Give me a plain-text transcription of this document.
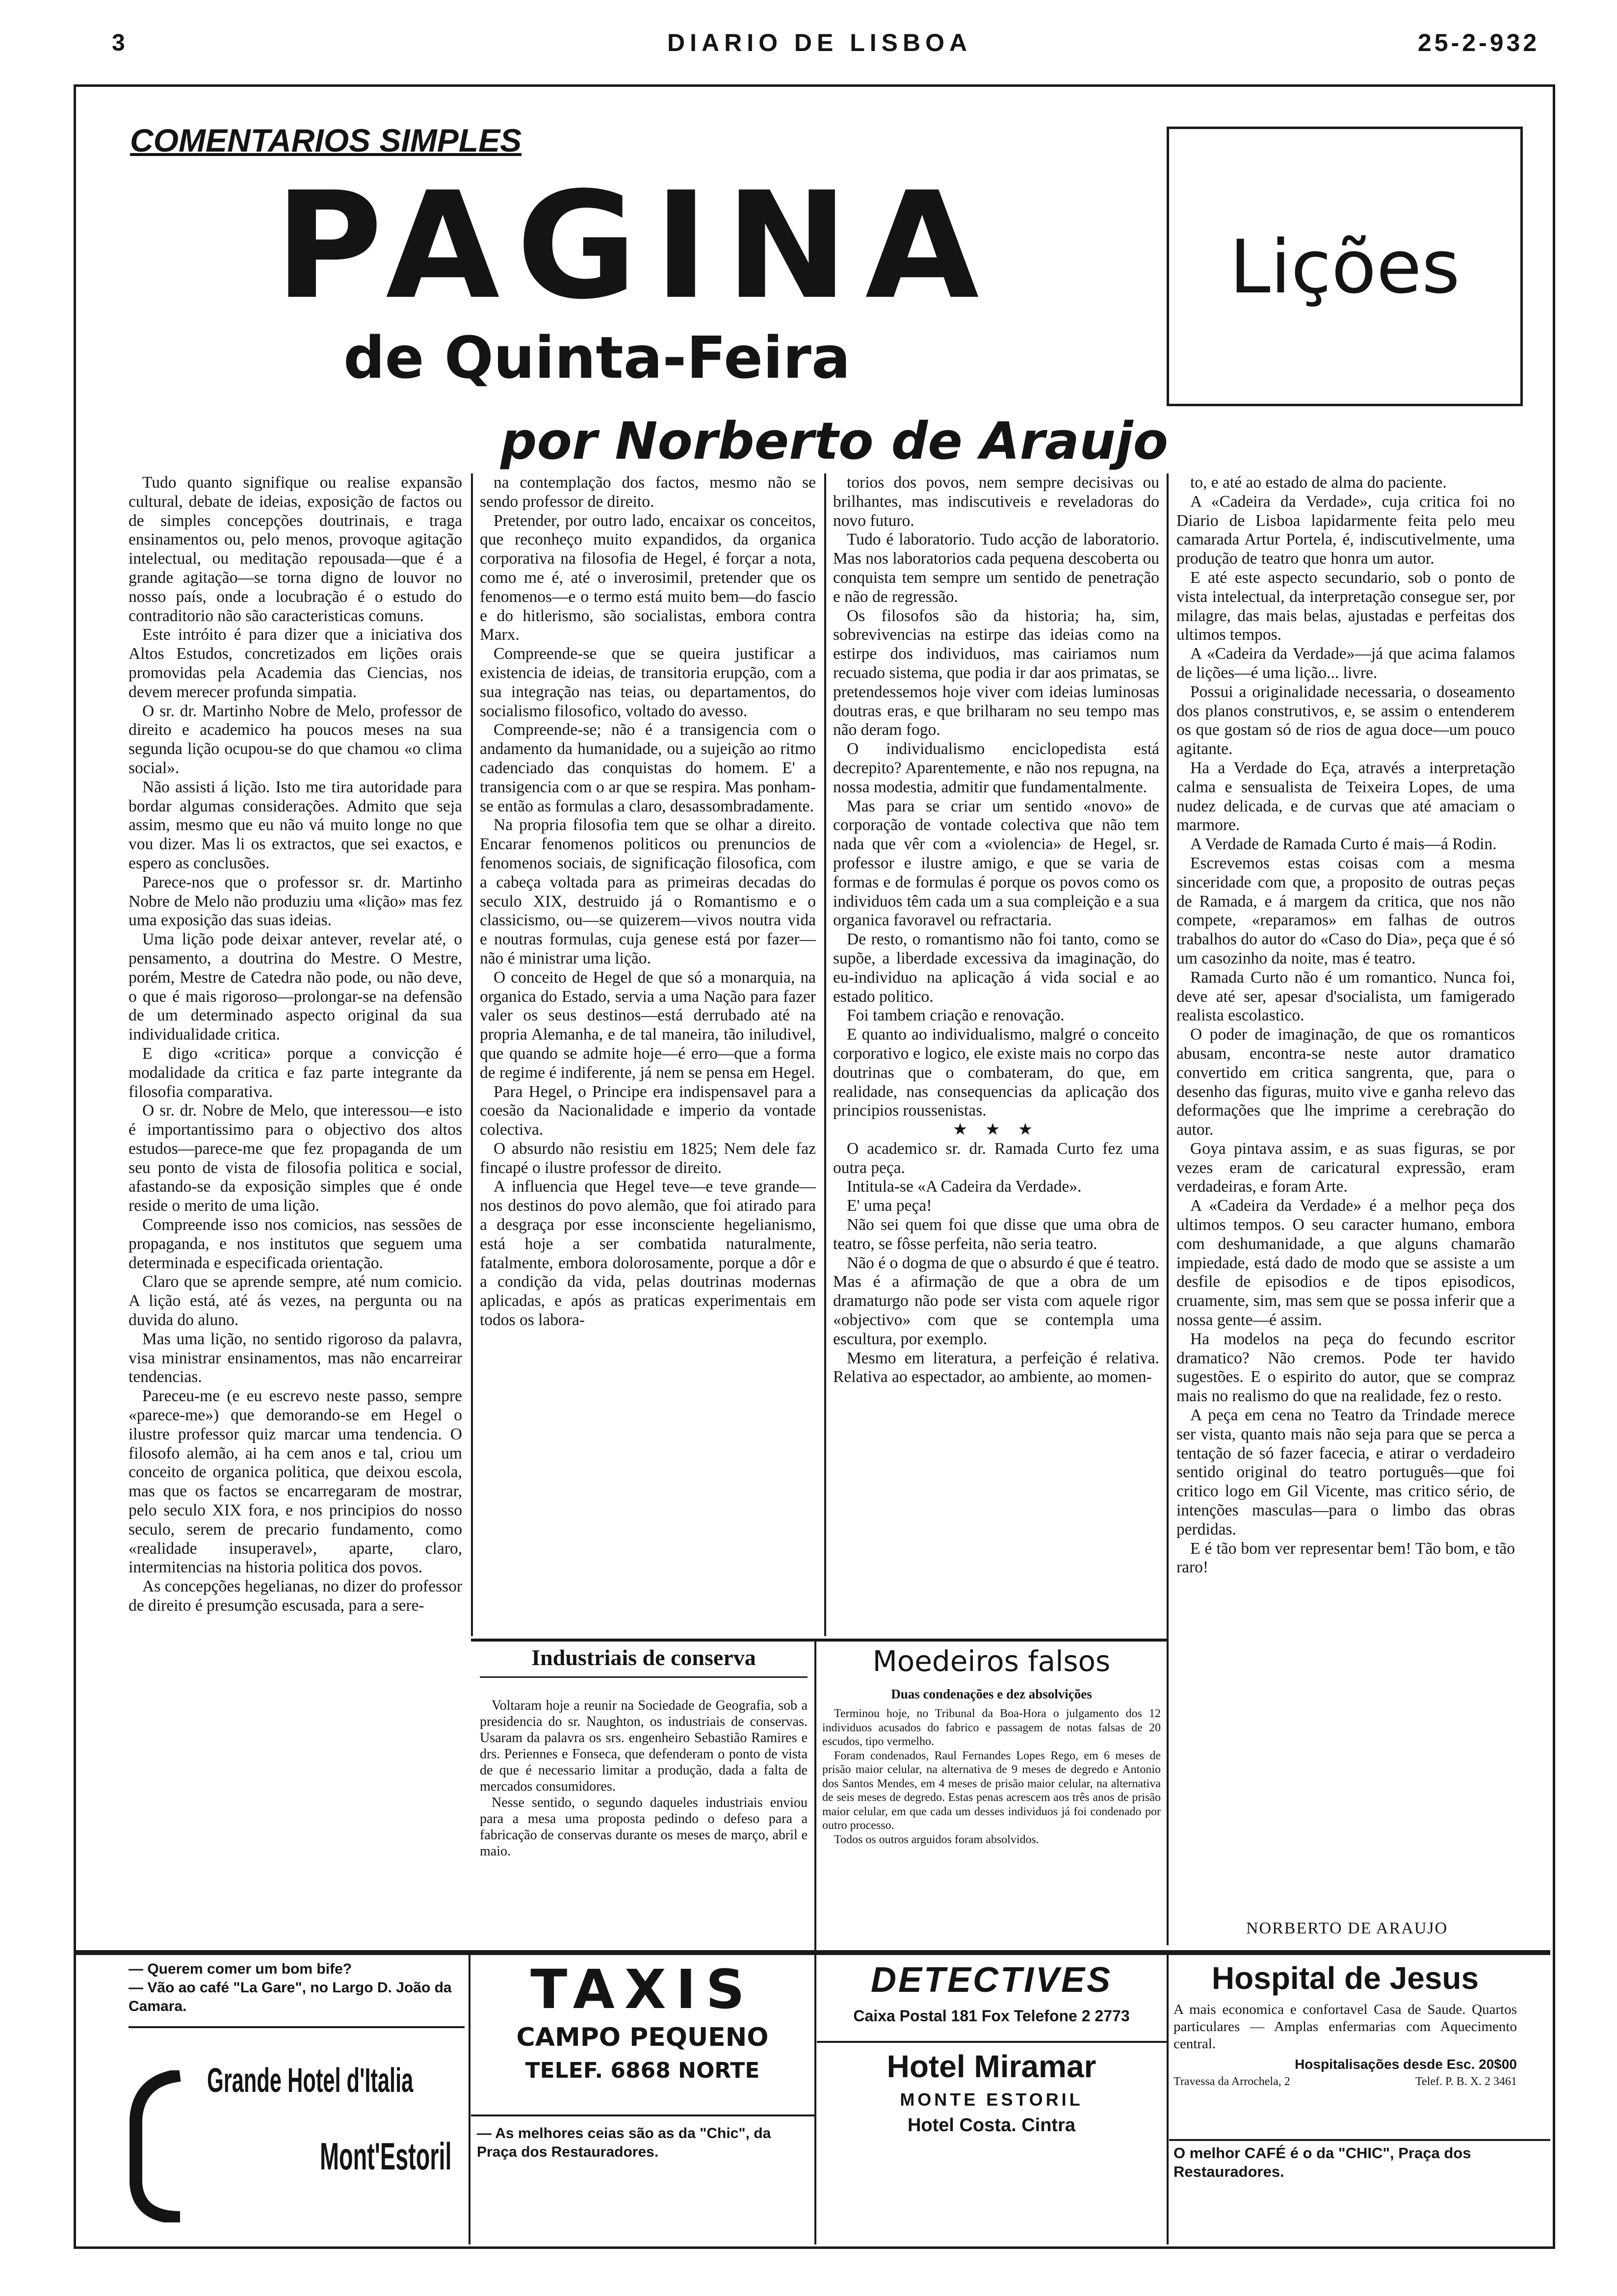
3	DIARIO DE LISBOA	25-2-932
COMENTARIOS SIMPLES
PAGINA
de Quinta-Feira
por Norberto de Araujo
Lições

Tudo quanto signifique ou realise expansão cultural, debate de ideias, exposição de factos ou de simples concepções doutrinais, e traga ensinamentos ou, pelo menos, provoque agitação intelectual, ou meditação repousada—que é a grande agitação—se torna digno de louvor no nosso país, onde a locubração é o estudo do contraditorio não são caracteristicas comuns.

Este intróito é para dizer que a iniciativa dos Altos Estudos, concretizados em lições orais promovidas pela Academia das Ciencias, nos devem merecer profunda simpatia.

O sr. dr. Martinho Nobre de Melo, professor de direito e academico ha poucos meses na sua segunda lição ocupou-se do que chamou «o clima social».

Não assisti á lição. Isto me tira autoridade para bordar algumas considerações. Admito que seja assim, mesmo que eu não vá muito longe no que vou dizer. Mas li os extractos, que sei exactos, e espero as conclusões.

Parece-nos que o professor sr. dr. Martinho Nobre de Melo não produziu uma «lição» mas fez uma exposição das suas ideias.

Uma lição pode deixar antever, revelar até, o pensamento, a doutrina do Mestre. O Mestre, porém, Mestre de Catedra não pode, ou não deve, o que é mais rigoroso—prolongar-se na defensão de um determinado aspecto original da sua individualidade critica.

E digo «critica» porque a convicção é modalidade da critica e faz parte integrante da filosofia comparativa.

O sr. dr. Nobre de Melo, que interessou—e isto é importantissimo para o objectivo dos altos estudos—parece-me que fez propaganda de um seu ponto de vista de filosofia politica e social, afastando-se da exposição simples que é onde reside o merito de uma lição.

Compreende isso nos comicios, nas sessões de propaganda, e nos institutos que seguem uma determinada e especificada orientação.

Claro que se aprende sempre, até num comicio. A lição está, até ás vezes, na pergunta ou na duvida do aluno.

Mas uma lição, no sentido rigoroso da palavra, visa ministrar ensinamentos, mas não encarreirar tendencias.

Pareceu-me (e eu escrevo neste passo, sempre «parece-me») que demorando-se em Hegel o ilustre professor quiz marcar uma tendencia. O filosofo alemão, ai ha cem anos e tal, criou um conceito de organica politica, que deixou escola, mas que os factos se encarregaram de mostrar, pelo seculo XIX fora, e nos principios do nosso seculo, serem de precario fundamento, como «realidade insuperavel», aparte, claro, intermitencias na historia politica dos povos.

As concepções hegelianas, no dizer do professor de direito é presumção escusada, para a sere-

na contemplação dos factos, mesmo não se sendo professor de direito.

Pretender, por outro lado, encaixar os conceitos, que reconheço muito expandidos, da organica corporativa na filosofia de Hegel, é forçar a nota, como me é, até o inverosimil, pretender que os fenomenos—e o termo está muito bem—do fascio e do hitlerismo, são socialistas, embora contra Marx.

Compreende-se que se queira justificar a existencia de ideias, de transitoria erupção, com a sua integração nas teias, ou departamentos, do socialismo filosofico, voltado do avesso.

Compreende-se; não é a transigencia com o andamento da humanidade, ou a sujeição ao ritmo cadenciado das conquistas do homem. E' a transigencia com o ar que se respira. Mas ponham-se então as formulas a claro, desassombradamente.

Na propria filosofia tem que se olhar a direito. Encarar fenomenos politicos ou prenuncios de fenomenos sociais, de significação filosofica, com a cabeça voltada para as primeiras decadas do seculo XIX, destruido já o Romantismo e o classicismo, ou—se quizerem—vivos noutra vida e noutras formulas, cuja genese está por fazer—não é ministrar uma lição.

O conceito de Hegel de que só a monarquia, na organica do Estado, servia a uma Nação para fazer valer os seus destinos—está derrubado até na propria Alemanha, e de tal maneira, tão iniludivel, que quando se admite hoje—é erro—que a forma de regime é indiferente, já nem se pensa em Hegel.

Para Hegel, o Principe era indispensavel para a coesão da Nacionalidade e imperio da vontade colectiva.

O absurdo não resistiu em 1825; Nem dele faz fincapé o ilustre professor de direito.

A influencia que Hegel teve—e teve grande—nos destinos do povo alemão, que foi atirado para a desgraça por esse inconsciente hegelianismo, está hoje a ser combatida naturalmente, fatalmente, embora dolorosamente, porque a dôr e a condição da vida, pelas doutrinas modernas aplicadas, e após as praticas experimentais em todos os labora-

torios dos povos, nem sempre decisivas ou brilhantes, mas indiscutiveis e reveladoras do novo futuro.

Tudo é laboratorio. Tudo acção de laboratorio. Mas nos laboratorios cada pequena descoberta ou conquista tem sempre um sentido de penetração e não de regressão.

Os filosofos são da historia; ha, sim, sobrevivencias na estirpe das ideias como na estirpe dos individuos, mas cairiamos num recuado sistema, que podia ir dar aos primatas, se pretendessemos hoje viver com ideias luminosas doutras eras, e que brilharam no seu tempo mas não deram fogo.

O individualismo enciclopedista está decrepito? Aparentemente, e não nos repugna, na nossa modestia, admitir que fundamentalmente.

Mas para se criar um sentido «novo» de corporação de vontade colectiva que não tem nada que vêr com a «violencia» de Hegel, sr. professor e ilustre amigo, e que se varia de formas e de formulas é porque os povos como os individuos têm cada um a sua compleição e a sua organica favoravel ou refractaria.

De resto, o romantismo não foi tanto, como se supõe, a liberdade excessiva da imaginação, do eu-individuo na aplicação á vida social e ao estado politico.

Foi tambem criação e renovação.

E quanto ao individualismo, malgré o conceito corporativo e logico, ele existe mais no corpo das doutrinas que o combateram, do que, em realidade, nas consequencias da aplicação dos principios roussenistas.

★ ★ ★

O academico sr. dr. Ramada Curto fez uma outra peça.

Intitula-se «A Cadeira da Verdade».

E' uma peça!

Não sei quem foi que disse que uma obra de teatro, se fôsse perfeita, não seria teatro.

Não é o dogma de que o absurdo é que é teatro. Mas é a afirmação de que a obra de um dramaturgo não pode ser vista com aquele rigor «objectivo» com que se contempla uma escultura, por exemplo.

Mesmo em literatura, a perfeição é relativa. Relativa ao espectador, ao ambiente, ao momen-

to, e até ao estado de alma do paciente.

A «Cadeira da Verdade», cuja critica foi no Diario de Lisboa lapidarmente feita pelo meu camarada Artur Portela, é, indiscutivelmente, uma produção de teatro que honra um autor.

E até este aspecto secundario, sob o ponto de vista intelectual, da interpretação consegue ser, por milagre, das mais belas, ajustadas e perfeitas dos ultimos tempos.

A «Cadeira da Verdade»—já que acima falamos de lições—é uma lição... livre.

Possui a originalidade necessaria, o doseamento dos planos construtivos, e, se assim o entenderem os que gostam só de rios de agua doce—um pouco agitante.

Ha a Verdade do Eça, através a interpretação calma e sensualista de Teixeira Lopes, de uma nudez delicada, e de curvas que até amaciam o marmore.

A Verdade de Ramada Curto é mais—á Rodin.

Escrevemos estas coisas com a mesma sinceridade com que, a proposito de outras peças de Ramada, e á margem da critica, que nos não compete, «reparamos» em falhas de outros trabalhos do autor do «Caso do Dia», peça que é só um casozinho da noite, mas é teatro.

Ramada Curto não é um romantico. Nunca foi, deve até ser, apesar d'socialista, um famigerado realista escolastico.

O poder de imaginação, de que os romanticos abusam, encontra-se neste autor dramatico convertido em critica sangrenta, que, para o desenho das figuras, muito vive e ganha relevo das deformações que lhe imprime a cerebração do autor.

Goya pintava assim, e as suas figuras, se por vezes eram de caricatural expressão, eram verdadeiras, e foram Arte.

A «Cadeira da Verdade» é a melhor peça dos ultimos tempos. O seu caracter humano, embora com deshumanidade, a que alguns chamarão impiedade, está dado de modo que se assiste a um desfile de episodios e de tipos episodicos, cruamente, sim, mas sem que se possa inferir que a nossa gente—é assim.

Ha modelos na peça do fecundo escritor dramatico? Não cremos. Pode ter havido sugestões. E o espirito do autor, que se compraz mais no realismo do que na realidade, fez o resto.

A peça em cena no Teatro da Trindade merece ser vista, quanto mais não seja para que se perca a tentação de só fazer facecia, e atirar o verdadeiro sentido original do teatro português—que foi critico logo em Gil Vicente, mas critico sério, de intenções masculas—para o limbo das obras perdidas.

E é tão bom ver representar bem! Tão bom, e tão raro!

NORBERTO DE ARAUJO
Industriais de conserva

Voltaram hoje a reunir na Sociedade de Geografia, sob a presidencia do sr. Naughton, os industriais de conservas. Usaram da palavra os srs. engenheiro Sebastião Ramires e drs. Periennes e Fonseca, que defenderam o ponto de vista de que é necessario limitar a produção, dada a falta de mercados consumidores.

Nesse sentido, o segundo daqueles industriais enviou para a mesa uma proposta pedindo o defeso para a fabricação de conservas durante os meses de março, abril e maio.

Moedeiros falsos
Duas condenações e dez absolvições

Terminou hoje, no Tribunal da Boa-Hora o julgamento dos 12 individuos acusados do fabrico e passagem de notas falsas de 20 escudos, tipo vermelho.

Foram condenados, Raul Fernandes Lopes Rego, em 6 meses de prisão maior celular, na alternativa de 9 meses de degredo e Antonio dos Santos Mendes, em 4 meses de prisão maior celular, na alternativa de seis meses de degredo. Estas penas acrescem aos três anos de prisão maior celular, em que cada um desses individuos já foi condenado por outro processo.

Todos os outros arguidos foram absolvidos.

— Querem comer um bom bife?
— Vão ao café "La Gare", no Largo D. João da Camara.
Grande Hotel d'Italia
Mont'Estoril
TAXIS
CAMPO PEQUENO
TELEF. 6868 NORTE
— As melhores ceias são as da "Chic", da Praça dos Restauradores.
DETECTIVES
Caixa Postal 181 Fox Telefone 2 2773
Hotel Miramar
MONTE ESTORIL
Hotel Costa. Cintra
Hospital de Jesus
A mais economica e confortavel Casa de Saude. Quartos particulares — Amplas enfermarias com Aquecimento central.
Hospitalisações desde Esc. 20$00
Travessa da Arrochela, 2	Telef. P. B. X. 2 3461
O melhor CAFÉ é o da "CHIC", Praça dos Restauradores.
